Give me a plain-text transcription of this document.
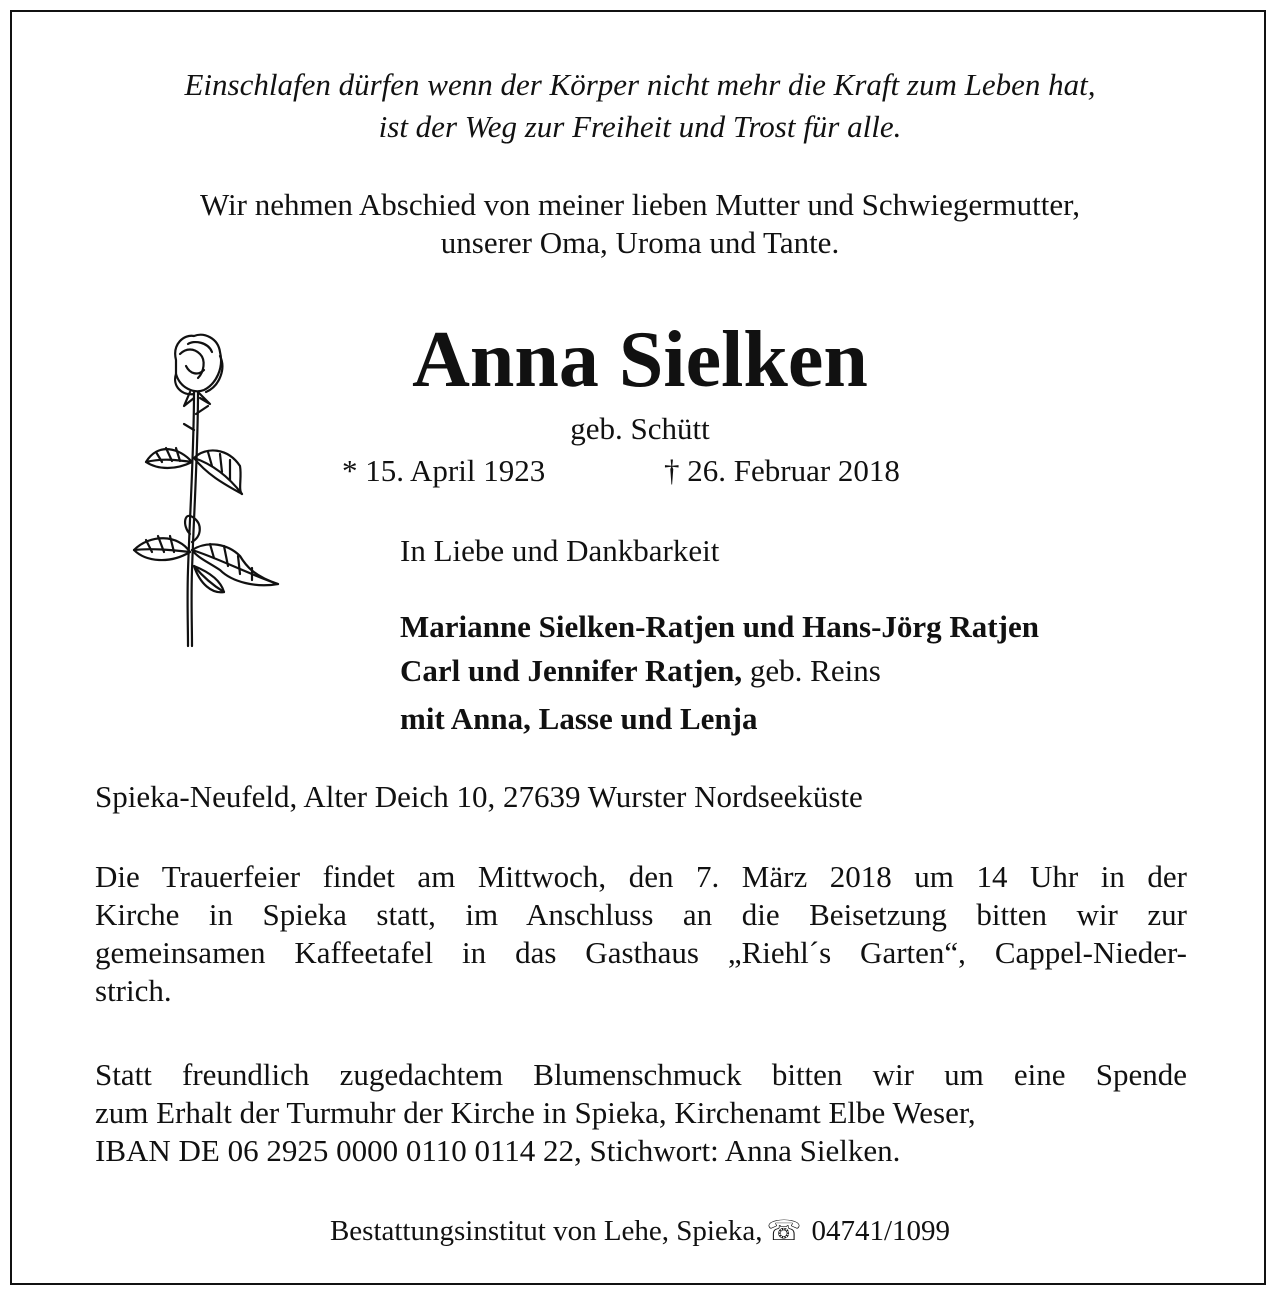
Einschlafen dürfen wenn der Körper nicht mehr die Kraft zum Leben hat,
ist der Weg zur Freiheit und Trost für alle.
Wir nehmen Abschied von meiner lieben Mutter und Schwiegermutter,
unserer Oma, Uroma und Tante.
Anna Sielken
geb. Schütt
* 15. April 1923	† 26. Februar 2018
In Liebe und Dankbarkeit
Marianne Sielken-Ratjen und Hans-Jörg Ratjen
Carl und Jennifer Ratjen, geb. Reins
mit Anna, Lasse und Lenja
Spieka-Neufeld, Alter Deich 10, 27639 Wurster Nordseeküste
Die Trauerfeier findet am Mittwoch, den 7. März 2018 um 14 Uhr in der
Kirche in Spieka statt, im Anschluss an die Beisetzung bitten wir zur
gemeinsamen Kaffeetafel in das Gasthaus „Riehl´s Garten“, Cappel-Nieder-
strich.
Statt freundlich zugedachtem Blumenschmuck bitten wir um eine Spende
zum Erhalt der Turmuhr der Kirche in Spieka, Kirchenamt Elbe Weser,
IBAN DE 06 2925 0000 0110 0114 22, Stichwort: Anna Sielken.
Bestattungsinstitut von Lehe, Spieka, ☏ 04741/1099
